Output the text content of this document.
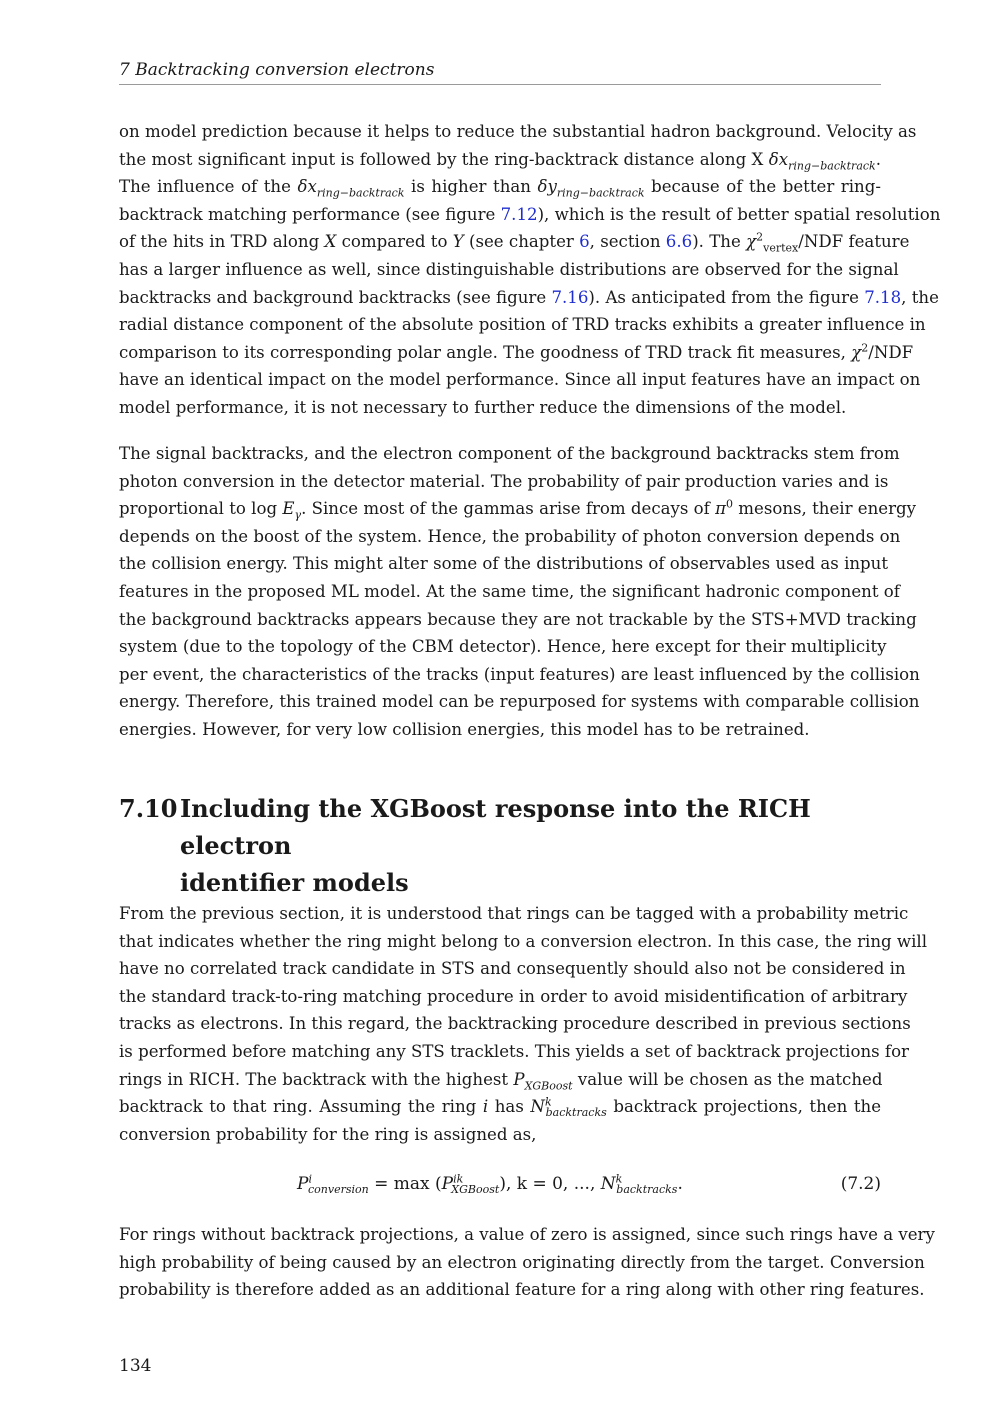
7 Backtracking conversion electrons

on model prediction because it helps to reduce the substantial hadron background. Velocity as
the most significant input is followed by the ring-backtrack distance along X $\delta x_{ring-backtrack}$.
The influence of the $\delta x_{ring-backtrack}$ is higher than $\delta y_{ring-backtrack}$ because of the better ring-
backtrack matching performance (see figure 7.12), which is the result of better spatial resolution
of the hits in TRD along X compared to Y (see chapter 6, section 6.6). The $\chi^2_{vertex}$/NDF feature
has a larger influence as well, since distinguishable distributions are observed for the signal
backtracks and background backtracks (see figure 7.16). As anticipated from the figure 7.18, the
radial distance component of the absolute position of TRD tracks exhibits a greater influence in
comparison to its corresponding polar angle. The goodness of TRD track fit measures, $\chi^2$/NDF
have an identical impact on the model performance. Since all input features have an impact on
model performance, it is not necessary to further reduce the dimensions of the model.

The signal backtracks, and the electron component of the background backtracks stem from
photon conversion in the detector material. The probability of pair production varies and is
proportional to $\log E_\gamma$. Since most of the gammas arise from decays of $\pi^0$ mesons, their energy
depends on the boost of the system. Hence, the probability of photon conversion depends on
the collision energy. This might alter some of the distributions of observables used as input
features in the proposed ML model. At the same time, the significant hadronic component of
the background backtracks appears because they are not trackable by the STS+MVD tracking
system (due to the topology of the CBM detector). Hence, here except for their multiplicity
per event, the characteristics of the tracks (input features) are least influenced by the collision
energy. Therefore, this trained model can be repurposed for systems with comparable collision
energies. However, for very low collision energies, this model has to be retrained.

7.10 Including the XGBoost response into the RICH electron
identifier models

From the previous section, it is understood that rings can be tagged with a probability metric
that indicates whether the ring might belong to a conversion electron. In this case, the ring will
have no correlated track candidate in STS and consequently should also not be considered in
the standard track-to-ring matching procedure in order to avoid misidentification of arbitrary
tracks as electrons. In this regard, the backtracking procedure described in previous sections
is performed before matching any STS tracklets. This yields a set of backtrack projections for
rings in RICH. The backtrack with the highest $P_{XGBoost}$ value will be chosen as the matched
backtrack to that ring. Assuming the ring i has $N^k_{backtracks}$ backtrack projections, then the
conversion probability for the ring is assigned as,

$P^i_{conversion} = \max (P^{ik}_{XGBoost})$, k = 0, ..., $N^k_{backtracks}$.	(7.2)

For rings without backtrack projections, a value of zero is assigned, since such rings have a very
high probability of being caused by an electron originating directly from the target. Conversion
probability is therefore added as an additional feature for a ring along with other ring features.

134
